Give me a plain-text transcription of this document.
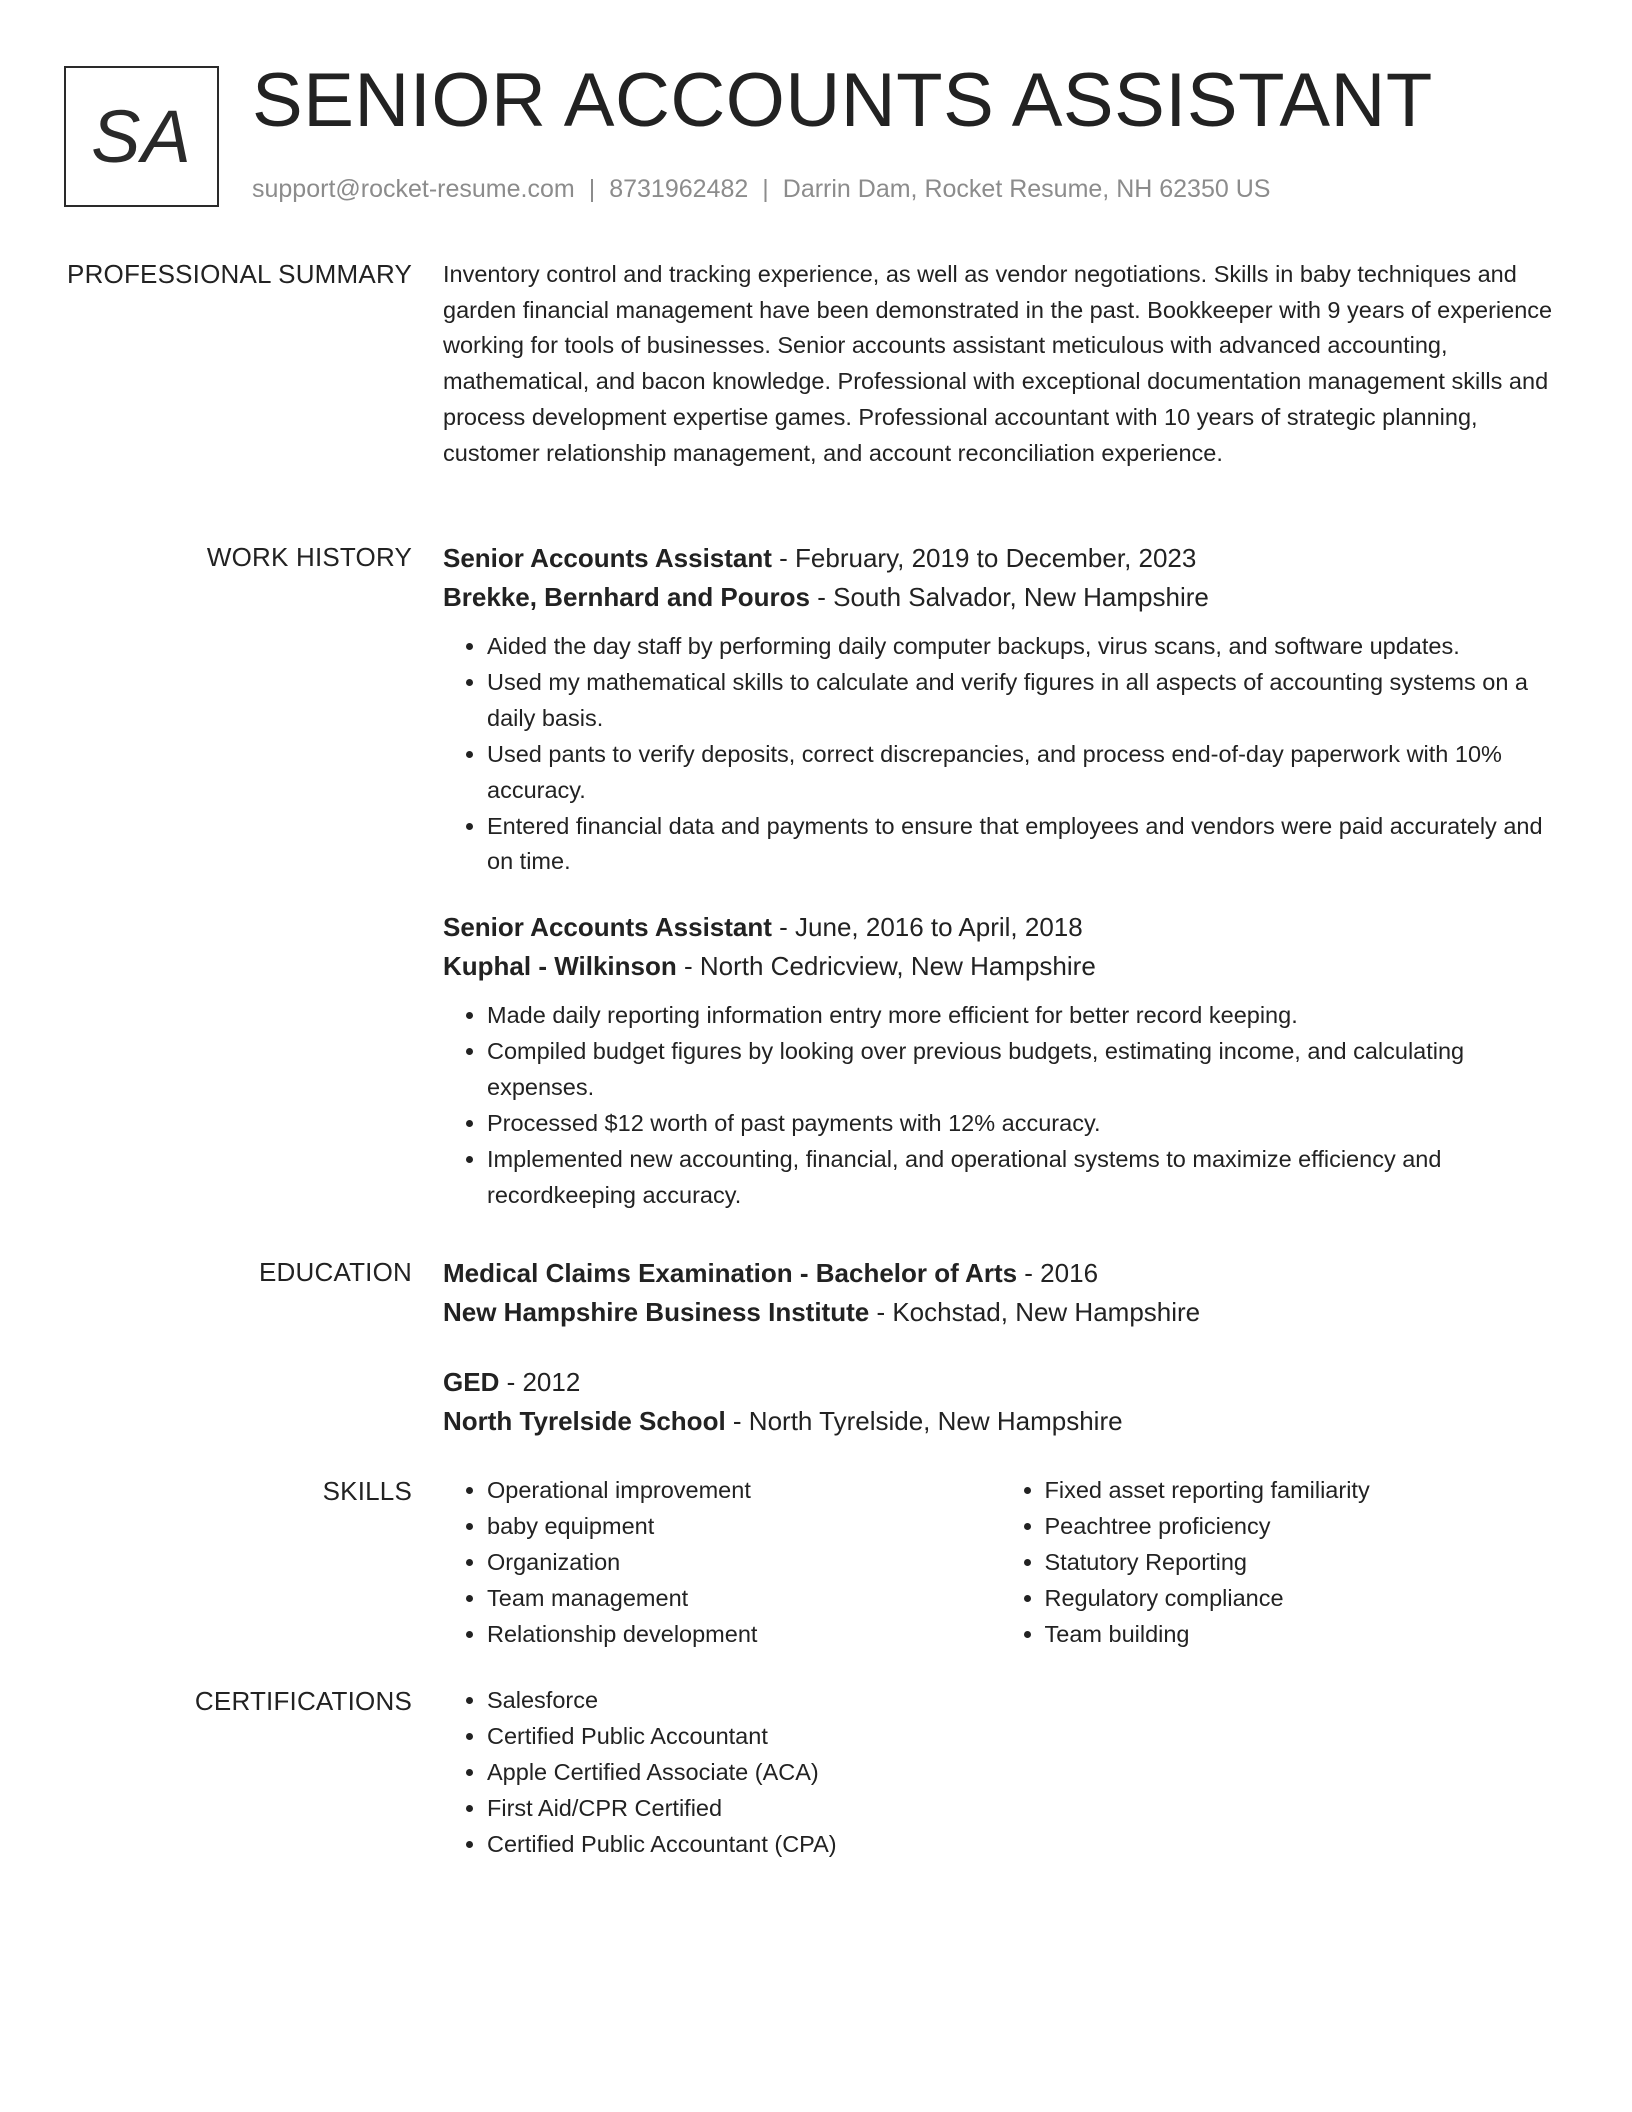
SA SENIOR ACCOUNTS ASSISTANT
support@rocket-resume.com | 8731962482 | Darrin Dam, Rocket Resume, NH 62350 US
PROFESSIONAL SUMMARY Inventory control and tracking experience, as well as vendor negotiations. Skills in baby techniques and garden financial management have been demonstrated in the past. Bookkeeper with 9 years of experience working for tools of businesses. Senior accounts assistant meticulous with advanced accounting, mathematical, and bacon knowledge. Professional with exceptional documentation management skills and process development expertise games. Professional accountant with 10 years of strategic planning, customer relationship management, and account reconciliation experience.

WORK HISTORY Senior Accounts Assistant - February, 2019 to December, 2023
Brekke, Bernhard and Pouros - South Salvador, New Hampshire
• Aided the day staff by performing daily computer backups, virus scans, and software updates.
• Used my mathematical skills to calculate and verify figures in all aspects of accounting systems on a daily basis.
• Used pants to verify deposits, correct discrepancies, and process end-of-day paperwork with 10% accuracy.
• Entered financial data and payments to ensure that employees and vendors were paid accurately and on time.
Senior Accounts Assistant - June, 2016 to April, 2018
Kuphal - Wilkinson - North Cedricview, New Hampshire
• Made daily reporting information entry more efficient for better record keeping.
• Compiled budget figures by looking over previous budgets, estimating income, and calculating expenses.
• Processed $12 worth of past payments with 12% accuracy.
• Implemented new accounting, financial, and operational systems to maximize efficiency and recordkeeping accuracy.
EDUCATION Medical Claims Examination - Bachelor of Arts - 2016
New Hampshire Business Institute - Kochstad, New Hampshire
GED - 2012
North Tyrelside School - North Tyrelside, New Hampshire
SKILLS	• Operational improvement
• baby equipment
• Organization
• Team management
• Relationship development
• Fixed asset reporting familiarity
• Peachtree proficiency
• Statutory Reporting
• Regulatory compliance
• Team building
CERTIFICATIONS	• Salesforce
• Certified Public Accountant
• Apple Certified Associate (ACA)
• First Aid/CPR Certified
• Certified Public Accountant (CPA)
